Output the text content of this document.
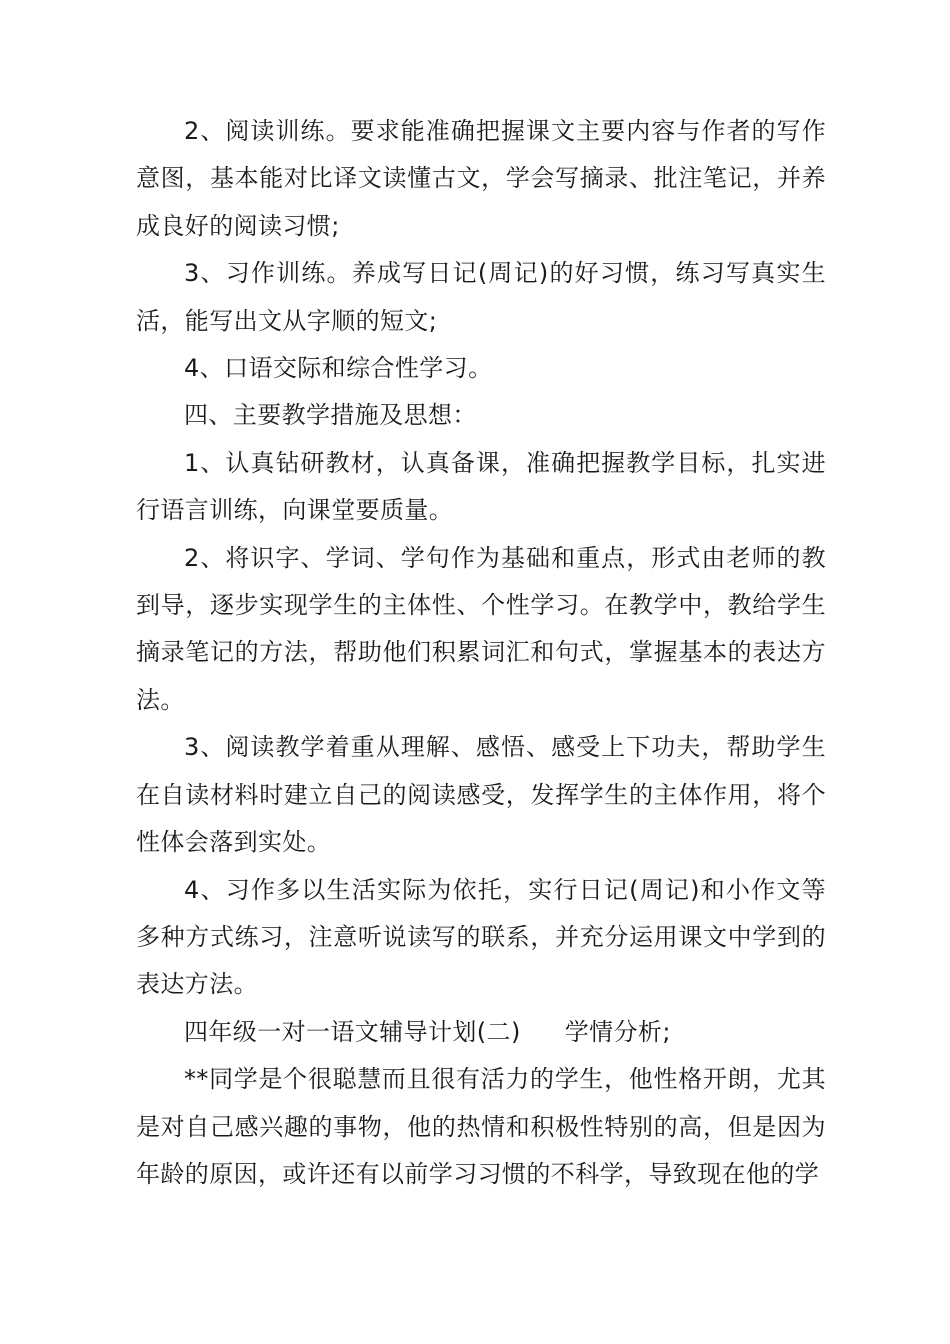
2、阅读训练。要求能准确把握课文主要内容与作者的写作意图，基本能对比译文读懂古文，学会写摘录、批注笔记，并养成良好的阅读习惯;

3、习作训练。养成写日记(周记)的好习惯，练习写真实生活，能写出文从字顺的短文;

4、口语交际和综合性学习。

四、主要教学措施及思想：

1、认真钻研教材，认真备课，准确把握教学目标，扎实进行语言训练，向课堂要质量。

2、将识字、学词、学句作为基础和重点，形式由老师的教到导，逐步实现学生的主体性、个性学习。在教学中，教给学生摘录笔记的方法，帮助他们积累词汇和句式，掌握基本的表达方法。

3、阅读教学着重从理解、感悟、感受上下功夫，帮助学生在自读材料时建立自己的阅读感受，发挥学生的主体作用，将个性体会落到实处。

4、习作多以生活实际为依托，实行日记(周记)和小作文等多种方式练习，注意听说读写的联系，并充分运用课文中学到的表达方法。

四年级一对一语文辅导计划(二) 学情分析;

**同学是个很聪慧而且很有活力的学生，他性格开朗，尤其是对自己感兴趣的事物，他的热情和积极性特别的高，但是因为年龄的原因，或许还有以前学习习惯的不科学，导致现在他的学
